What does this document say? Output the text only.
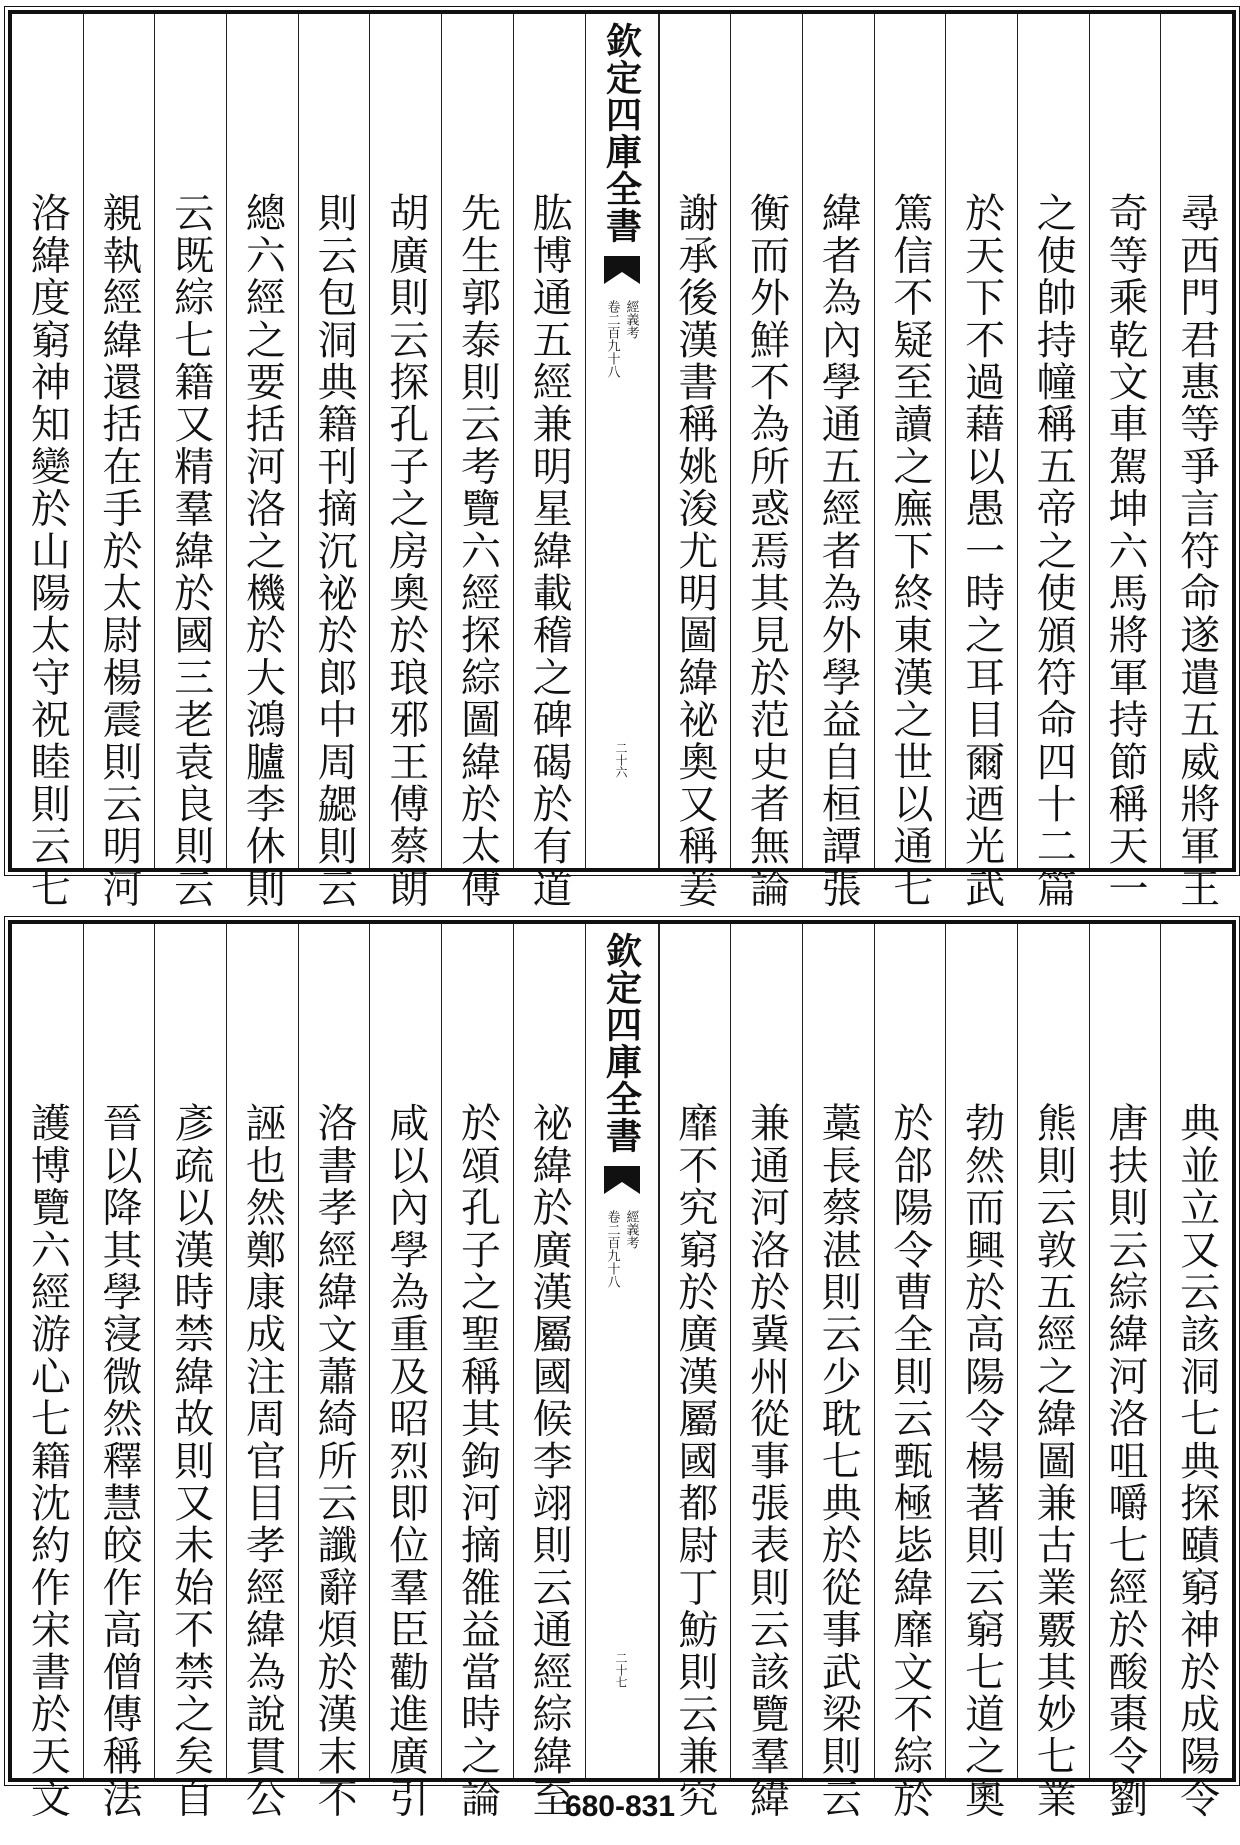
尋西門君惠等爭言符命遂遣五威將軍王
奇等乘乾文車駕坤六馬將軍持節稱天一
之使帥持幢稱五帝之使頒符命四十二篇
於天下不過藉以愚一時之耳目爾迺光武
篤信不疑至讀之廡下終東漢之世以通七
緯者為內學通五經者為外學益自桓譚張
衡而外鮮不為所惑焉其見於范史者無論
謝承後漢書稱姚浚尤明圖緯祕奧又稱姜
欽定四庫全書
經義考
卷二百九十八
二十六
肱博通五經兼明星緯載稽之碑碣於有道
先生郭泰則云考覽六經探綜圖緯於太傅
胡廣則云探孔子之房奧於琅邪王傅蔡朗
則云包洞典籍刊摘沉祕於郎中周勰則云
總六經之要括河洛之機於大鴻臚李休則
云既綜七籍又精羣緯於國三老袁良則云
親執經緯還括在手於太尉楊震則云明河
洛緯度窮神知變於山陽太守祝睦則云七
典並立又云該洞七典探賾窮神於成陽令
唐扶則云綜緯河洛咀嚼七經於酸棗令劉
熊則云敦五經之緯圖兼古業覈其妙七業
勃然而興於高陽令楊著則云窮七道之奧
於郃陽令曹全則云甄極毖緯靡文不綜於
藁長蔡湛則云少耽七典於從事武梁則云
兼通河洛於冀州從事張表則云該覽羣緯
靡不究窮於廣漢屬國都尉丁魴則云兼究
欽定四庫全書
經義考
卷二百九十八
二十七
祕緯於廣漢屬國候李翊則云通經綜緯至
於頌孔子之聖稱其鉤河摘雒益當時之論
咸以內學為重及昭烈即位羣臣勸進廣引
洛書孝經緯文蕭綺所云讖辭煩於漢末不
誣也然鄭康成注周官目孝經緯為說貫公
彥疏以漢時禁緯故則又未始不禁之矣自
晉以降其學寖微然釋慧皎作高僧傳稱法
護博覽六經游心七籍沈約作宋書於天文	680-831
